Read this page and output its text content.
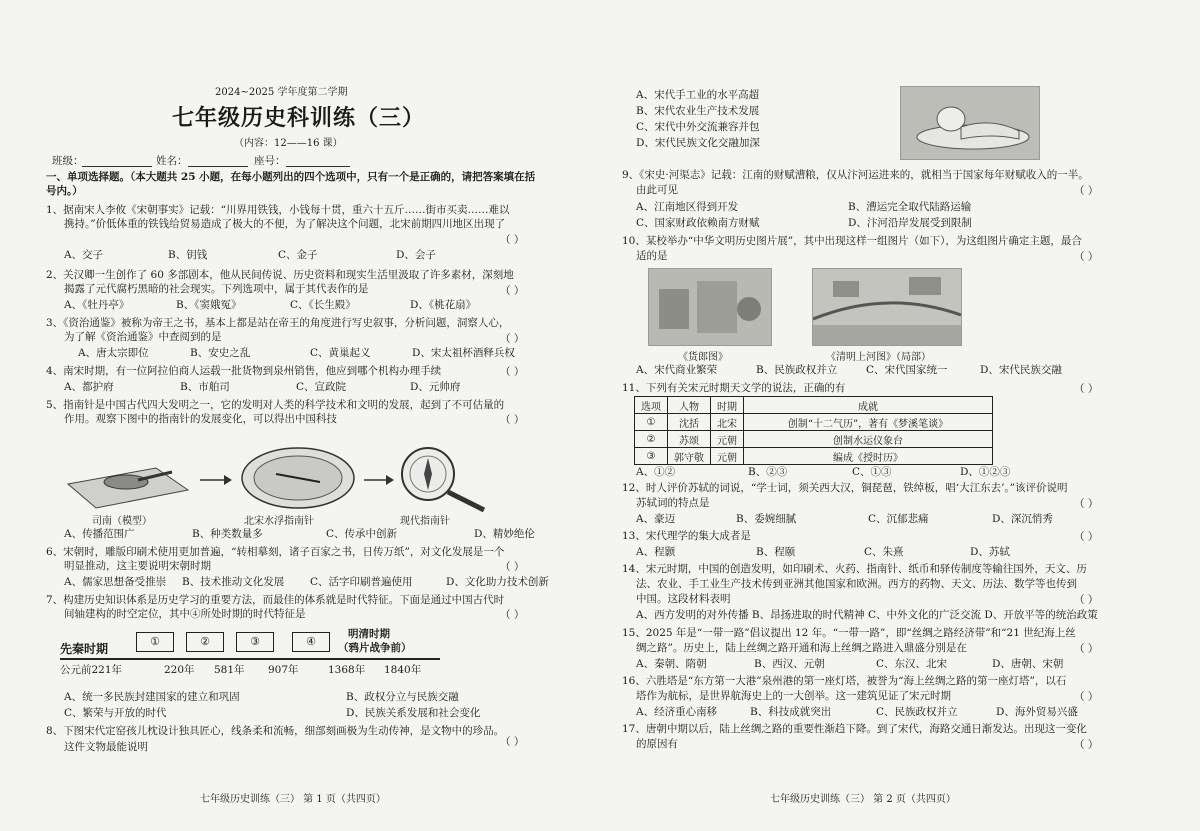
2024~2025 学年度第二学期
七年级历史科训练（三）
（内容：12——16 课）
班级：	姓名：	座号：
一、单项选择题。（本大题共 25 小题，在每小题列出的四个选项中，只有一个是正确的，请把答案填在括
号内。）
1、据南宋人李攸《宋朝事实》记载：“川界用铁钱，小钱每十贯，重六十五斤……街市买卖……难以
携持。”价低体重的铁钱给贸易造成了极大的不便，为了解决这个问题，北宋前期四川地区出现了
（ ）
A、交子	B、钥钱	C、金子	D、会子
2、关汉卿一生创作了 60 多部剧本，他从民间传说、历史资料和现实生活里汲取了许多素材，深刻地
揭露了元代腐朽黑暗的社会现实。下列选项中，属于其代表作的是	（ ）
A、《牡丹亭》	B、《窦娥冤》	C、《长生殿》	D、《桃花扇》
3、《资治通鉴》被称为帝王之书，基本上都是站在帝王的角度进行写史叙事，分析问题，洞察人心，
为了解《资治通鉴》中查阅到的是	（ ）
A、唐太宗即位	B、安史之乱	C、黄巢起义	D、宋太祖杯酒释兵权
4、南宋时期，有一位阿拉伯商人运载一批货物到泉州销售，他应到哪个机构办理手续	（ ）
A、都护府	B、市舶司	C、宣政院	D、元帅府
5、指南针是中国古代四大发明之一，它的发明对人类的科学技术和文明的发展，起到了不可估量的
作用。观察下图中的指南针的发展变化，可以得出中国科技	（ ）
司南（模型）	北宋水浮指南针	现代指南针
A、传播范围广	B、种类数量多	C、传承中创新	D、精妙绝伦
6、宋朝时，雕版印刷术使用更加普遍，“转相摹刻，诸子百家之书，日传万纸”，对文化发展是一个
明显推动，这主要说明宋朝时期	（ ）
A、儒家思想备受推崇 B、技术推动文化发展 C、活字印刷普遍使用	D、文化助力技术创新
7、构建历史知识体系是历史学习的重要方法，而最佳的体系就是时代特征。下面是通过中国古代时
间轴建构的时空定位，其中④所处时期的时代特征是	（ ）
先秦时期
①	②	③	④
明清时期
（鸦片战争前）
公元前221年	220年 581年 907年	1368年 1840年
A、统一多民族封建国家的建立和巩固	B、政权分立与民族交融
C、繁荣与开放的时代	D、民族关系发展和社会变化
8、下图宋代定窑孩儿枕设计独具匠心，线条柔和流畅，细部刻画极为生动传神，是文物中的珍品。
这件文物最能说明	（ ）
七年级历史训练（三） 第 1 页（共四页）
A、宋代手工业的水平高超
B、宋代农业生产技术发展
C、宋代中外交流兼容并包
D、宋代民族文化交融加深
9、《宋史·河渠志》记载：江南的财赋漕粮，仅从汴河运进来的，就相当于国家每年财赋收入的一半。
由此可见	（ ）
A、江南地区得到开发	B、漕运完全取代陆路运输
C、国家财政依赖南方财赋	D、汴河沿岸发展受到限制
10、某校举办“中华文明历史图片展”，其中出现这样一组图片（如下），为这组图片确定主题，最合
适的是	（ ）
《货郎图》	《清明上河图》（局部）
A、宋代商业繁荣	B、民族政权并立	C、宋代国家统一	D、宋代民族交融
11、下列有关宋元时期天文学的说法，正确的有	（ ）
选项	人物	时期	成就
①	沈括	北宋	创制“十二气历”，著有《梦溪笔谈》
②	苏颂	元朝	创制水运仪象台
③	郭守敬	元朝	编成《授时历》
A、①②	B、②③	C、①③	D、①②③
12、时人评价苏轼的词说，“学士词，须关西大汉，铜琵琶，铁绰板，唱‘大江东去’。”该评价说明
苏轼词的特点是	（ ）
A、豪迈	B、委婉细腻	C、沉郁悲痛	D、深沉悄秀
13、宋代理学的集大成者是	（ ）
A、程颢	B、程颐	C、朱熹	D、苏轼
14、宋元时期，中国的创造发明，如印刷术、火药、指南针、纸币和驿传制度等输往国外，天文、历
法、农业、手工业生产技术传到亚洲其他国家和欧洲。西方的药物、天文、历法、数学等也传到
中国。这段材料表明	（ ）
A、西方发明的对外传播 B、昂扬进取的时代精神 C、中外文化的广泛交流 D、开放平等的统治政策
15、2025 年是“一带一路”倡议提出 12 年。“一带一路”，即“丝绸之路经济带”和“21 世纪海上丝
绸之路”。历史上，陆上丝绸之路开通和海上丝绸之路进入鼎盛分别是在	（ ）
A、秦朝、隋朝	B、西汉、元朝	C、东汉、北宋	D、唐朝、宋朝
16、六胜塔是“东方第一大港”泉州港的第一座灯塔，被誉为“海上丝绸之路的第一座灯塔”，以石
塔作为航标，是世界航海史上的一大创举。这一建筑见证了宋元时期	（ ）
A、经济重心南移	B、科技成就突出	C、民族政权并立	D、海外贸易兴盛
17、唐朝中期以后，陆上丝绸之路的重要性渐趋下降。到了宋代，海路交通日渐发达。出现这一变化
的原因有	（ ）
七年级历史训练（三） 第 2 页（共四页）
